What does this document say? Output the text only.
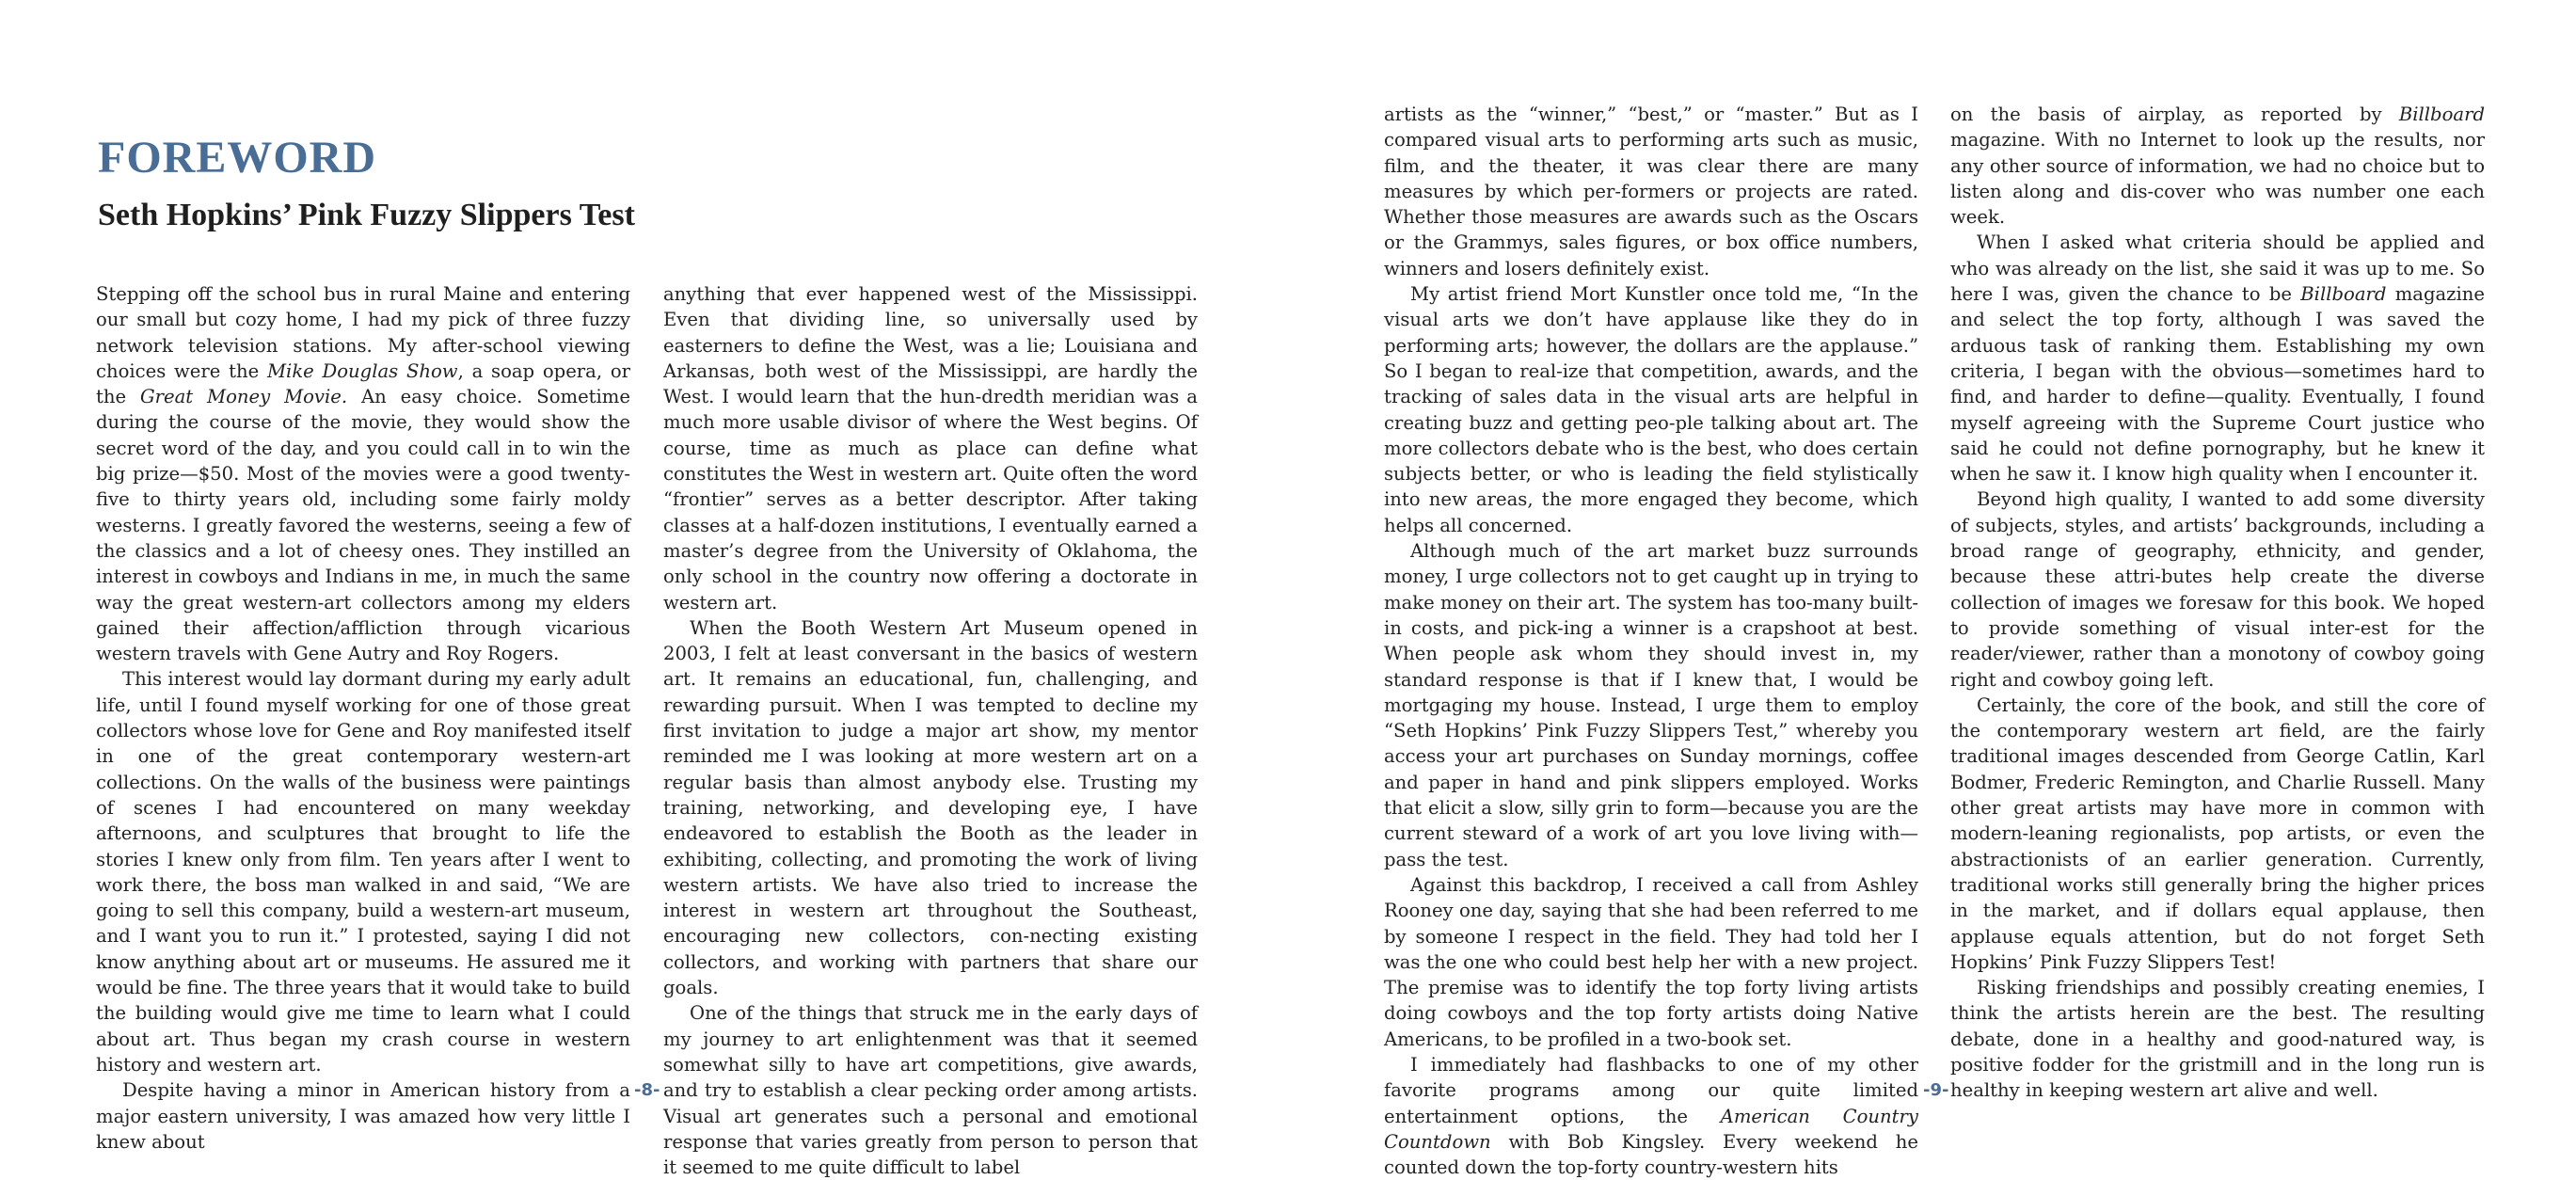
FOREWORD
Seth Hopkins’ Pink Fuzzy Slippers Test

Stepping off the school bus in rural Maine and entering our small but cozy home, I had my pick of three fuzzy network television stations. My after-school viewing choices were the Mike Douglas Show, a soap opera, or the Great Money Movie. An easy choice. Sometime during the course of the movie, they would show the secret word of the day, and you could call in to win the big prize—$50. Most of the movies were a good twenty-five to thirty years old, including some fairly moldy westerns. I greatly favored the westerns, seeing a few of the classics and a lot of cheesy ones. They instilled an interest in cowboys and Indians in me, in much the same way the great western-art collectors among my elders gained their affection/affliction through vicarious western travels with Gene Autry and Roy Rogers.

This interest would lay dormant during my early adult life, until I found myself working for one of those great collectors whose love for Gene and Roy manifested itself in one of the great contemporary western-art collections. On the walls of the business were paintings of scenes I had encountered on many weekday afternoons, and sculptures that brought to life the stories I knew only from film. Ten years after I went to work there, the boss man walked in and said, “We are going to sell this company, build a western-art museum, and I want you to run it.” I protested, saying I did not know anything about art or museums. He assured me it would be fine. The three years that it would take to build the building would give me time to learn what I could about art. Thus began my crash course in western history and western art.

Despite having a minor in American history from a major eastern university, I was amazed how very little I knew about

anything that ever happened west of the Mississippi. Even that dividing line, so universally used by easterners to define the West, was a lie; Louisiana and Arkansas, both west of the Mississippi, are hardly the West. I would learn that the hun-dredth meridian was a much more usable divisor of where the West begins. Of course, time as much as place can define what constitutes the West in western art. Quite often the word “frontier” serves as a better descriptor. After taking classes at a half-dozen institutions, I eventually earned a master’s degree from the University of Oklahoma, the only school in the country now offering a doctorate in western art.

When the Booth Western Art Museum opened in 2003, I felt at least conversant in the basics of western art. It remains an educational, fun, challenging, and rewarding pursuit. When I was tempted to decline my first invitation to judge a major art show, my mentor reminded me I was looking at more western art on a regular basis than almost anybody else. Trusting my training, networking, and developing eye, I have endeavored to establish the Booth as the leader in exhibiting, collecting, and promoting the work of living western artists. We have also tried to increase the interest in western art throughout the Southeast, encouraging new collectors, con-necting existing collectors, and working with partners that share our goals.

One of the things that struck me in the early days of my journey to art enlightenment was that it seemed somewhat silly to have art competitions, give awards, and try to establish a clear pecking order among artists. Visual art generates such a personal and emotional response that varies greatly from person to person that it seemed to me quite difficult to label

-8-

artists as the “winner,” “best,” or “master.” But as I compared visual arts to performing arts such as music, film, and the theater, it was clear there are many measures by which per-formers or projects are rated. Whether those measures are awards such as the Oscars or the Grammys, sales figures, or box office numbers, winners and losers definitely exist.

My artist friend Mort Kunstler once told me, “In the visual arts we don’t have applause like they do in performing arts; however, the dollars are the applause.” So I began to real-ize that competition, awards, and the tracking of sales data in the visual arts are helpful in creating buzz and getting peo-ple talking about art. The more collectors debate who is the best, who does certain subjects better, or who is leading the field stylistically into new areas, the more engaged they become, which helps all concerned.

Although much of the art market buzz surrounds money, I urge collectors not to get caught up in trying to make money on their art. The system has too-many built-in costs, and pick-ing a winner is a crapshoot at best. When people ask whom they should invest in, my standard response is that if I knew that, I would be mortgaging my house. Instead, I urge them to employ “Seth Hopkins’ Pink Fuzzy Slippers Test,” whereby you access your art purchases on Sunday mornings, coffee and paper in hand and pink slippers employed. Works that elicit a slow, silly grin to form—because you are the current steward of a work of art you love living with—pass the test.

Against this backdrop, I received a call from Ashley Rooney one day, saying that she had been referred to me by someone I respect in the field. They had told her I was the one who could best help her with a new project. The premise was to identify the top forty living artists doing cowboys and the top forty artists doing Native Americans, to be profiled in a two-book set.

I immediately had flashbacks to one of my other favorite programs among our quite limited entertainment options, the American Country Countdown with Bob Kingsley. Every weekend he counted down the top-forty country-western hits

on the basis of airplay, as reported by Billboard magazine. With no Internet to look up the results, nor any other source of information, we had no choice but to listen along and dis-cover who was number one each week.

When I asked what criteria should be applied and who was already on the list, she said it was up to me. So here I was, given the chance to be Billboard magazine and select the top forty, although I was saved the arduous task of ranking them. Establishing my own criteria, I began with the obvious—sometimes hard to find, and harder to define—quality. Eventually, I found myself agreeing with the Supreme Court justice who said he could not define pornography, but he knew it when he saw it. I know high quality when I encounter it.

Beyond high quality, I wanted to add some diversity of subjects, styles, and artists’ backgrounds, including a broad range of geography, ethnicity, and gender, because these attri-butes help create the diverse collection of images we foresaw for this book. We hoped to provide something of visual inter-est for the reader/viewer, rather than a monotony of cowboy going right and cowboy going left.

Certainly, the core of the book, and still the core of the contemporary western art field, are the fairly traditional images descended from George Catlin, Karl Bodmer, Frederic Remington, and Charlie Russell. Many other great artists may have more in common with modern-leaning regionalists, pop artists, or even the abstractionists of an earlier generation. Currently, traditional works still generally bring the higher prices in the market, and if dollars equal applause, then applause equals attention, but do not forget Seth Hopkins’ Pink Fuzzy Slippers Test!

Risking friendships and possibly creating enemies, I think the artists herein are the best. The resulting debate, done in a healthy and good-natured way, is positive fodder for the gristmill and in the long run is healthy in keeping western art alive and well.

-9-
